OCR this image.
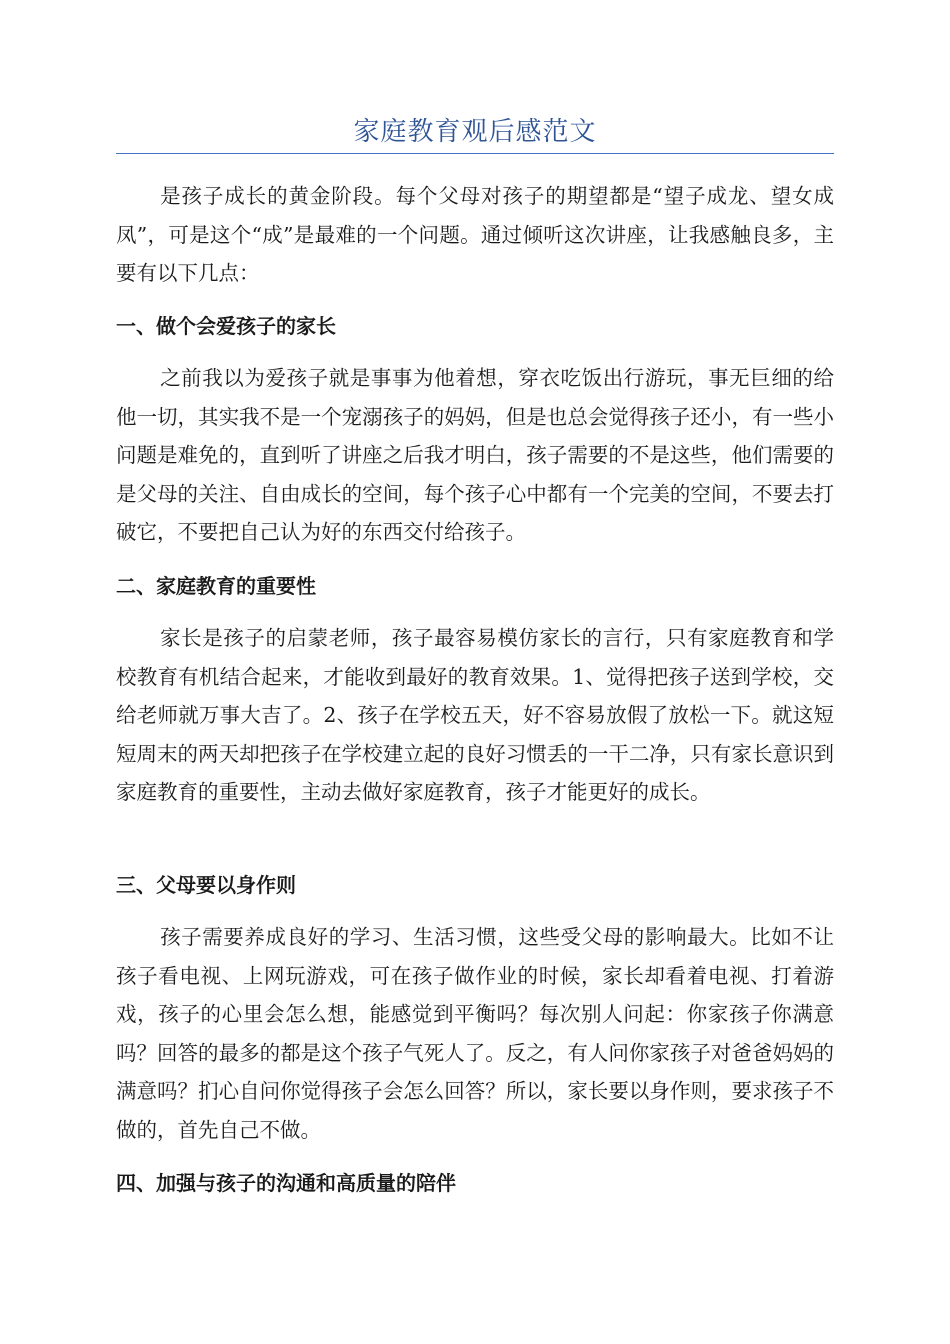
家庭教育观后感范文

是孩子成长的黄金阶段。每个父母对孩子的期望都是“望子成龙、望女成凤”，可是这个“成”是最难的一个问题。通过倾听这次讲座，让我感触良多，主要有以下几点：

一、做个会爱孩子的家长

之前我以为爱孩子就是事事为他着想，穿衣吃饭出行游玩，事无巨细的给他一切，其实我不是一个宠溺孩子的妈妈，但是也总会觉得孩子还小，有一些小问题是难免的，直到听了讲座之后我才明白，孩子需要的不是这些，他们需要的是父母的关注、自由成长的空间，每个孩子心中都有一个完美的空间，不要去打破它，不要把自己认为好的东西交付给孩子。

二、家庭教育的重要性

家长是孩子的启蒙老师，孩子最容易模仿家长的言行，只有家庭教育和学校教育有机结合起来，才能收到最好的教育效果。1、觉得把孩子送到学校，交给老师就万事大吉了。2、孩子在学校五天，好不容易放假了放松一下。就这短短周末的两天却把孩子在学校建立起的良好习惯丢的一干二净，只有家长意识到家庭教育的重要性，主动去做好家庭教育，孩子才能更好的成长。

三、父母要以身作则

孩子需要养成良好的学习、生活习惯，这些受父母的影响最大。比如不让孩子看电视、上网玩游戏，可在孩子做作业的时候，家长却看着电视、打着游戏，孩子的心里会怎么想，能感觉到平衡吗？每次别人问起：你家孩子你满意吗？回答的最多的都是这个孩子气死人了。反之，有人问你家孩子对爸爸妈妈的满意吗？扪心自问你觉得孩子会怎么回答？所以，家长要以身作则，要求孩子不做的，首先自己不做。

四、加强与孩子的沟通和高质量的陪伴
